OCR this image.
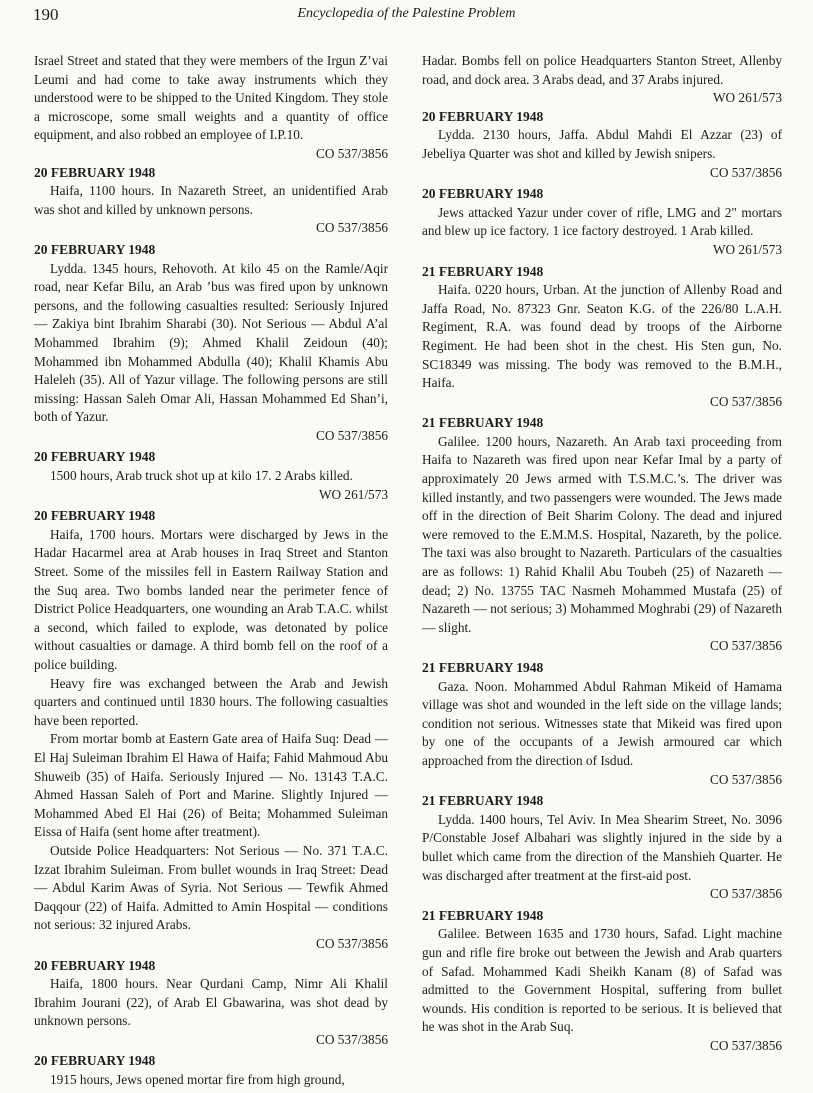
190	Encyclopedia of the Palestine Problem

Israel Street and stated that they were members of the Irgun Z’vai Leumi and had come to take away instruments which they understood were to be shipped to the United Kingdom. They stole a microscope, some small weights and a quantity of office equipment, and also robbed an employee of I.P.10.

CO 537/3856

20 FEBRUARY 1948

Haifa, 1100 hours. In Nazareth Street, an unidentified Arab was shot and killed by unknown persons.

CO 537/3856

20 FEBRUARY 1948

Lydda. 1345 hours, Rehovoth. At kilo 45 on the Ramle/Aqir road, near Kefar Bilu, an Arab ’bus was fired upon by unknown persons, and the following casualties resulted: Seriously Injured — Zakiya bint Ibrahim Sharabi (30). Not Serious — Abdul A’al Mohammed Ibrahim (9); Ahmed Khalil Zeidoun (40); Mohammed ibn Mohammed Abdulla (40); Khalil Khamis Abu Haleleh (35). All of Yazur village. The following persons are still missing: Hassan Saleh Omar Ali, Hassan Mohammed Ed Shan’i, both of Yazur.

CO 537/3856

20 FEBRUARY 1948

1500 hours, Arab truck shot up at kilo 17. 2 Arabs killed.

WO 261/573

20 FEBRUARY 1948

Haifa, 1700 hours. Mortars were discharged by Jews in the Hadar Hacarmel area at Arab houses in Iraq Street and Stanton Street. Some of the missiles fell in Eastern Railway Station and the Suq area. Two bombs landed near the perimeter fence of District Police Headquarters, one wounding an Arab T.A.C. whilst a second, which failed to explode, was detonated by police without casualties or damage. A third bomb fell on the roof of a police building.

Heavy fire was exchanged between the Arab and Jewish quarters and continued until 1830 hours. The following casualties have been reported.

From mortar bomb at Eastern Gate area of Haifa Suq: Dead — El Haj Suleiman Ibrahim El Hawa of Haifa; Fahid Mahmoud Abu Shuweib (35) of Haifa. Seriously Injured — No. 13143 T.A.C. Ahmed Hassan Saleh of Port and Marine. Slightly Injured — Mohammed Abed El Hai (26) of Beita; Mohammed Suleiman Eissa of Haifa (sent home after treatment).

Outside Police Headquarters: Not Serious — No. 371 T.A.C. Izzat Ibrahim Suleiman. From bullet wounds in Iraq Street: Dead — Abdul Karim Awas of Syria. Not Serious — Tewfik Ahmed Daqqour (22) of Haifa. Admitted to Amin Hospital — conditions not serious: 32 injured Arabs.

CO 537/3856

20 FEBRUARY 1948

Haifa, 1800 hours. Near Qurdani Camp, Nimr Ali Khalil Ibrahim Jourani (22), of Arab El Gbawarina, was shot dead by unknown persons.

CO 537/3856

20 FEBRUARY 1948

1915 hours, Jews opened mortar fire from high ground,

Hadar. Bombs fell on police Headquarters Stanton Street, Allenby road, and dock area. 3 Arabs dead, and 37 Arabs injured.

WO 261/573

20 FEBRUARY 1948

Lydda. 2130 hours, Jaffa. Abdul Mahdi El Azzar (23) of Jebeliya Quarter was shot and killed by Jewish snipers.

CO 537/3856

20 FEBRUARY 1948

Jews attacked Yazur under cover of rifle, LMG and 2" mortars and blew up ice factory. 1 ice factory destroyed. 1 Arab killed.

WO 261/573

21 FEBRUARY 1948

Haifa. 0220 hours, Urban. At the junction of Allenby Road and Jaffa Road, No. 87323 Gnr. Seaton K.G. of the 226/80 L.A.H. Regiment, R.A. was found dead by troops of the Airborne Regiment. He had been shot in the chest. His Sten gun, No. SC18349 was missing. The body was removed to the B.M.H., Haifa.

CO 537/3856

21 FEBRUARY 1948

Galilee. 1200 hours, Nazareth. An Arab taxi proceeding from Haifa to Nazareth was fired upon near Kefar Imal by a party of approximately 20 Jews armed with T.S.M.C.’s. The driver was killed instantly, and two passengers were wounded. The Jews made off in the direction of Beit Sharim Colony. The dead and injured were removed to the E.M.M.S. Hospital, Nazareth, by the police. The taxi was also brought to Nazareth. Particulars of the casualties are as follows: 1) Rahid Khalil Abu Toubeh (25) of Nazareth — dead; 2) No. 13755 TAC Nasmeh Mohammed Mustafa (25) of Nazareth — not serious; 3) Mohammed Moghrabi (29) of Nazareth — slight.

CO 537/3856

21 FEBRUARY 1948

Gaza. Noon. Mohammed Abdul Rahman Mikeid of Hamama village was shot and wounded in the left side on the village lands; condition not serious. Witnesses state that Mikeid was fired upon by one of the occupants of a Jewish armoured car which approached from the direction of Isdud.

CO 537/3856

21 FEBRUARY 1948

Lydda. 1400 hours, Tel Aviv. In Mea Shearim Street, No. 3096 P/Constable Josef Albahari was slightly injured in the side by a bullet which came from the direction of the Manshieh Quarter. He was discharged after treatment at the first-aid post.

CO 537/3856

21 FEBRUARY 1948

Galilee. Between 1635 and 1730 hours, Safad. Light machine gun and rifle fire broke out between the Jewish and Arab quarters of Safad. Mohammed Kadi Sheikh Kanam (8) of Safad was admitted to the Government Hospital, suffering from bullet wounds. His condition is reported to be serious. It is believed that he was shot in the Arab Suq.

CO 537/3856
